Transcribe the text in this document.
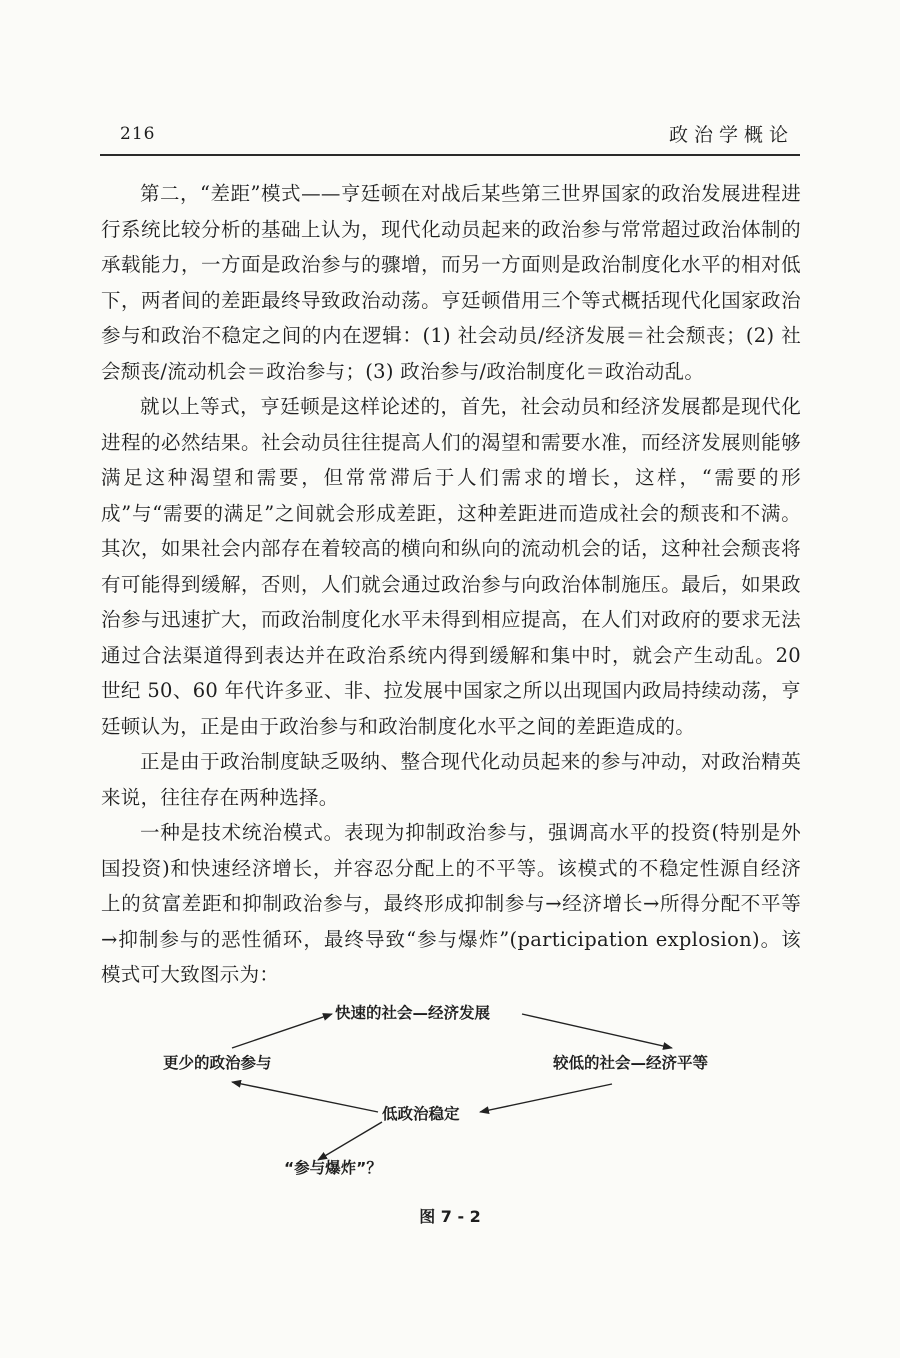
216	政治学概论

第二，“差距”模式——亨廷顿在对战后某些第三世界国家的政治发展进程进行系统比较分析的基础上认为，现代化动员起来的政治参与常常超过政治体制的承载能力，一方面是政治参与的骤增，而另一方面则是政治制度化水平的相对低下，两者间的差距最终导致政治动荡。亨廷顿借用三个等式概括现代化国家政治参与和政治不稳定之间的内在逻辑：(1) 社会动员/经济发展＝社会颓丧；(2) 社会颓丧/流动机会＝政治参与；(3) 政治参与/政治制度化＝政治动乱。

就以上等式，亨廷顿是这样论述的，首先，社会动员和经济发展都是现代化进程的必然结果。社会动员往往提高人们的渴望和需要水准，而经济发展则能够满足这种渴望和需要，但常常滞后于人们需求的增长，这样，“需要的形成”与“需要的满足”之间就会形成差距，这种差距进而造成社会的颓丧和不满。其次，如果社会内部存在着较高的横向和纵向的流动机会的话，这种社会颓丧将有可能得到缓解，否则，人们就会通过政治参与向政治体制施压。最后，如果政治参与迅速扩大，而政治制度化水平未得到相应提高，在人们对政府的要求无法通过合法渠道得到表达并在政治系统内得到缓解和集中时，就会产生动乱。20 世纪 50、60 年代许多亚、非、拉发展中国家之所以出现国内政局持续动荡，亨廷顿认为，正是由于政治参与和政治制度化水平之间的差距造成的。

正是由于政治制度缺乏吸纳、整合现代化动员起来的参与冲动，对政治精英来说，往往存在两种选择。

一种是技术统治模式。表现为抑制政治参与，强调高水平的投资(特别是外国投资)和快速经济增长，并容忍分配上的不平等。该模式的不稳定性源自经济上的贫富差距和抑制政治参与，最终形成抑制参与→经济增长→所得分配不平等→抑制参与的恶性循环，最终导致“参与爆炸”(participation explosion)。该模式可大致图示为：

快速的社会—经济发展
较低的社会—经济平等
低政治稳定
更少的政治参与
“参与爆炸”？
图 7 - 2
